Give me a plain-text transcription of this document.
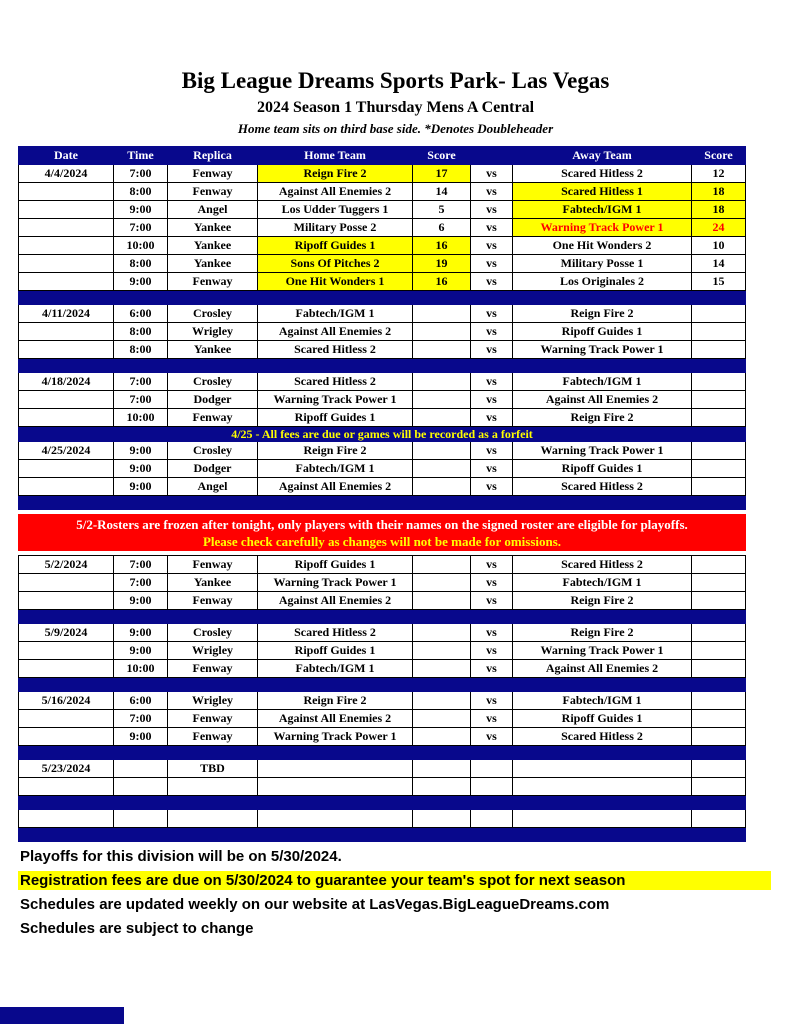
Big League Dreams Sports Park- Las Vegas
2024 Season 1 Thursday Mens A Central
Home team sits on third base side. *Denotes Doubleheader
Date	Time	Replica	Home Team	Score		Away Team	Score
4/4/2024	7:00	Fenway	Reign Fire 2	17	vs	Scared Hitless 2	12
	8:00	Fenway	Against All Enemies 2	14	vs	Scared Hitless 1	18
	9:00	Angel	Los Udder Tuggers 1	5	vs	Fabtech/IGM 1	18
	7:00	Yankee	Military Posse 2	6	vs	Warning Track Power 1	24
	10:00	Yankee	Ripoff Guides 1	16	vs	One Hit Wonders 2	10
	8:00	Yankee	Sons Of Pitches 2	19	vs	Military Posse 1	14
	9:00	Fenway	One Hit Wonders 1	16	vs	Los Originales 2	15

4/11/2024	6:00	Crosley	Fabtech/IGM 1		vs	Reign Fire 2	
	8:00	Wrigley	Against All Enemies 2		vs	Ripoff Guides 1	
	8:00	Yankee	Scared Hitless 2		vs	Warning Track Power 1	

4/18/2024	7:00	Crosley	Scared Hitless 2		vs	Fabtech/IGM 1	
	7:00	Dodger	Warning Track Power 1		vs	Against All Enemies 2	
	10:00	Fenway	Ripoff Guides 1		vs	Reign Fire 2	
4/25 - All fees are due or games will be recorded as a forfeit							
4/25/2024	9:00	Crosley	Reign Fire 2		vs	Warning Track Power 1	
	9:00	Dodger	Fabtech/IGM 1		vs	Ripoff Guides 1	
	9:00	Angel	Against All Enemies 2		vs	Scared Hitless 2	

5/2-Rosters are frozen after tonight, only players with their names on the signed roster are eligible for playoffs.
Please check carefully as changes will not be made for omissions.							

5/2/2024	7:00	Fenway	Ripoff Guides 1		vs	Scared Hitless 2	
	7:00	Yankee	Warning Track Power 1		vs	Fabtech/IGM 1	
	9:00	Fenway	Against All Enemies 2		vs	Reign Fire 2	

5/9/2024	9:00	Crosley	Scared Hitless 2		vs	Reign Fire 2	
	9:00	Wrigley	Ripoff Guides 1		vs	Warning Track Power 1	
	10:00	Fenway	Fabtech/IGM 1		vs	Against All Enemies 2	

5/16/2024	6:00	Wrigley	Reign Fire 2		vs	Fabtech/IGM 1	
	7:00	Fenway	Against All Enemies 2		vs	Ripoff Guides 1	
	9:00	Fenway	Warning Track Power 1		vs	Scared Hitless 2	

5/23/2024		TBD					

Playoffs for this division will be on 5/30/2024.
Registration fees are due on 5/30/2024 to guarantee your team's spot for next season
Schedules are updated weekly on our website at LasVegas.BigLeagueDreams.com
Schedules are subject to change
